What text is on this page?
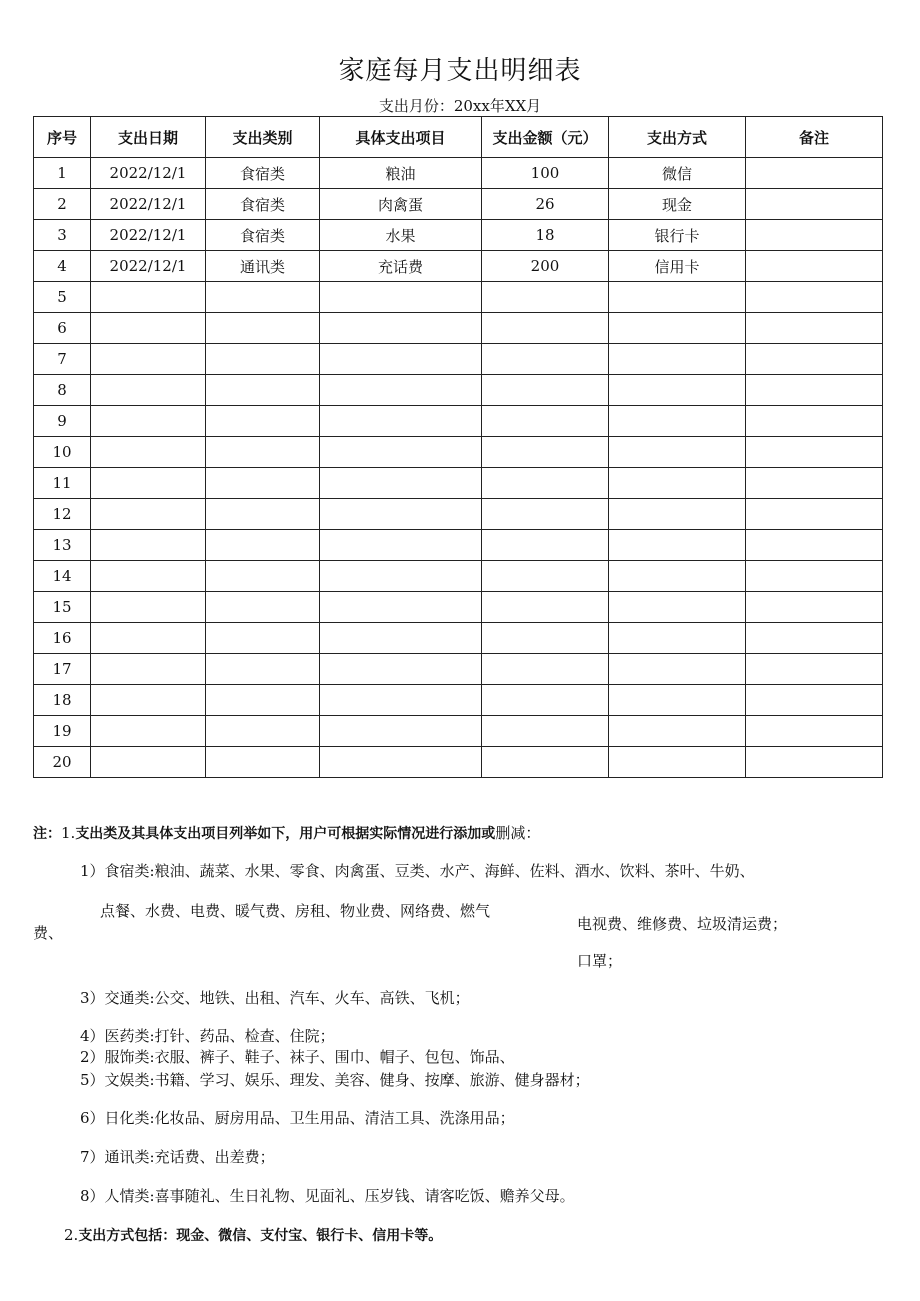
家庭每月支出明细表
支出月份：20xx年XX月
序号	支出日期	支出类别	具体支出项目	支出金额（元）	支出方式	备注
1	2022/12/1	食宿类	粮油	100	微信	
2	2022/12/1	食宿类	肉禽蛋	26	现金	
3	2022/12/1	食宿类	水果	18	银行卡	
4	2022/12/1	通讯类	充话费	200	信用卡	
5						
6						
7						
8						
9						
10						
11						
12						
13						
14						
15						
16						
17						
18						
19						
20						
注：1.支出类及其具体支出项目列举如下，用户可根据实际情况进行添加或删减：
1）食宿类:粮油、蔬菜、水果、零食、肉禽蛋、豆类、水产、海鲜、佐料、酒水、饮料、茶叶、牛奶、
点餐、水费、电费、暖气费、房租、物业费、网络费、燃气
费、	电视费、维修费、垃圾清运费；
口罩；
3）交通类:公交、地铁、出租、汽车、火车、高铁、飞机；
4）医药类:打针、药品、检查、住院；
2）服饰类:衣服、裤子、鞋子、袜子、围巾、帽子、包包、饰品、
5）文娱类:书籍、学习、娱乐、理发、美容、健身、按摩、旅游、健身器材；
6）日化类:化妆品、厨房用品、卫生用品、清洁工具、洗涤用品；
7）通讯类:充话费、出差费；
8）人情类:喜事随礼、生日礼物、见面礼、压岁钱、请客吃饭、赡养父母。
2.支出方式包括：现金、微信、支付宝、银行卡、信用卡等。
